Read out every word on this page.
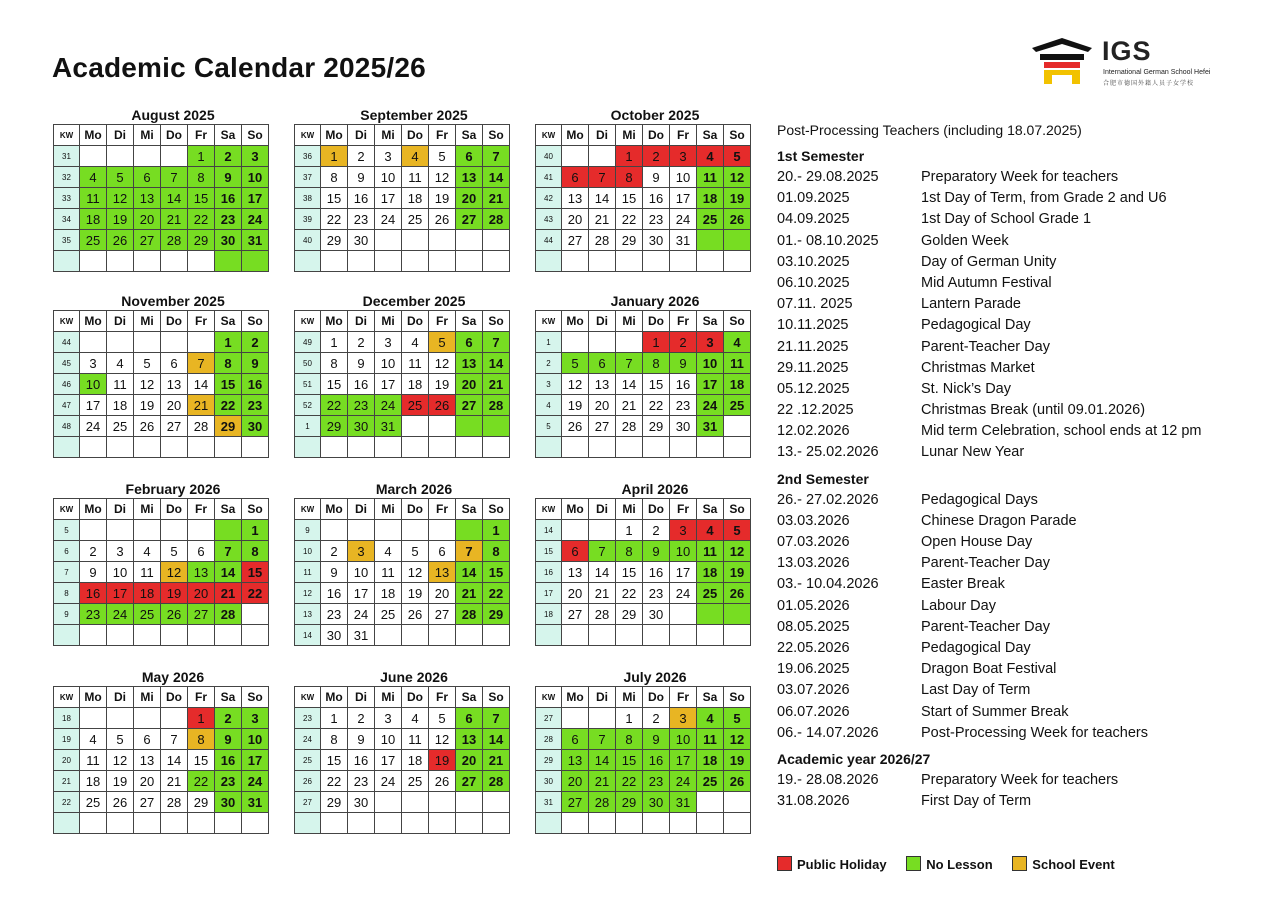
Academic Calendar 2025/26
IGS
International German School Hefei
合肥市德国外籍人员子女学校
August 2025
KW	Mo	Di	Mi	Do	Fr	Sa	So
31					1	2	3
32	4	5	6	7	8	9	10
33	11	12	13	14	15	16	17
34	18	19	20	21	22	23	24
35	25	26	27	28	29	30	31

September 2025
KW	Mo	Di	Mi	Do	Fr	Sa	So
36	1	2	3	4	5	6	7
37	8	9	10	11	12	13	14
38	15	16	17	18	19	20	21
39	22	23	24	25	26	27	28
40	29	30					

October 2025
KW	Mo	Di	Mi	Do	Fr	Sa	So
40			1	2	3	4	5
41	6	7	8	9	10	11	12
42	13	14	15	16	17	18	19
43	20	21	22	23	24	25	26
44	27	28	29	30	31		

November 2025
KW	Mo	Di	Mi	Do	Fr	Sa	So
44						1	2
45	3	4	5	6	7	8	9
46	10	11	12	13	14	15	16
47	17	18	19	20	21	22	23
48	24	25	26	27	28	29	30

December 2025
KW	Mo	Di	Mi	Do	Fr	Sa	So
49	1	2	3	4	5	6	7
50	8	9	10	11	12	13	14
51	15	16	17	18	19	20	21
52	22	23	24	25	26	27	28
1	29	30	31				

January 2026
KW	Mo	Di	Mi	Do	Fr	Sa	So
1				1	2	3	4
2	5	6	7	8	9	10	11
3	12	13	14	15	16	17	18
4	19	20	21	22	23	24	25
5	26	27	28	29	30	31	

February 2026
KW	Mo	Di	Mi	Do	Fr	Sa	So
5							1
6	2	3	4	5	6	7	8
7	9	10	11	12	13	14	15
8	16	17	18	19	20	21	22
9	23	24	25	26	27	28	

March 2026
KW	Mo	Di	Mi	Do	Fr	Sa	So
9							1
10	2	3	4	5	6	7	8
11	9	10	11	12	13	14	15
12	16	17	18	19	20	21	22
13	23	24	25	26	27	28	29
14	30	31					
April 2026
KW	Mo	Di	Mi	Do	Fr	Sa	So
14			1	2	3	4	5
15	6	7	8	9	10	11	12
16	13	14	15	16	17	18	19
17	20	21	22	23	24	25	26
18	27	28	29	30			

May 2026
KW	Mo	Di	Mi	Do	Fr	Sa	So
18					1	2	3
19	4	5	6	7	8	9	10
20	11	12	13	14	15	16	17
21	18	19	20	21	22	23	24
22	25	26	27	28	29	30	31

June 2026
KW	Mo	Di	Mi	Do	Fr	Sa	So
23	1	2	3	4	5	6	7
24	8	9	10	11	12	13	14
25	15	16	17	18	19	20	21
26	22	23	24	25	26	27	28
27	29	30					

July 2026
KW	Mo	Di	Mi	Do	Fr	Sa	So
27			1	2	3	4	5
28	6	7	8	9	10	11	12
29	13	14	15	16	17	18	19
30	20	21	22	23	24	25	26
31	27	28	29	30	31		

Post-Processing Teachers (including 18.07.2025)
1st Semester
20.- 29.08.2025	Preparatory Week for teachers
01.09.2025	1st Day of Term, from Grade 2 and U6
04.09.2025	1st Day of School Grade 1
01.- 08.10.2025	Golden Week
03.10.2025	Day of German Unity
06.10.2025	Mid Autumn Festival
07.11. 2025	Lantern Parade
10.11.2025	Pedagogical Day
21.11.2025	Parent-Teacher Day
29.11.2025	Christmas Market
05.12.2025	St. Nick’s Day
22 .12.2025	Christmas Break (until 09.01.2026)
12.02.2026	Mid term Celebration, school ends at 12 pm
13.- 25.02.2026	Lunar New Year
2nd Semester
26.- 27.02.2026	Pedagogical Days
03.03.2026	Chinese Dragon Parade
07.03.2026	Open House Day
13.03.2026	Parent-Teacher Day
03.- 10.04.2026	Easter Break
01.05.2026	Labour Day
08.05.2025	Parent-Teacher Day
22.05.2026	Pedagogical Day
19.06.2025	Dragon Boat Festival
03.07.2026	Last Day of Term
06.07.2026	Start of Summer Break
06.- 14.07.2026	Post-Processing Week for teachers
Academic year 2026/27
19.- 28.08.2026	Preparatory Week for teachers
31.08.2026	First Day of Term
Public Holiday	No Lesson	School Event
